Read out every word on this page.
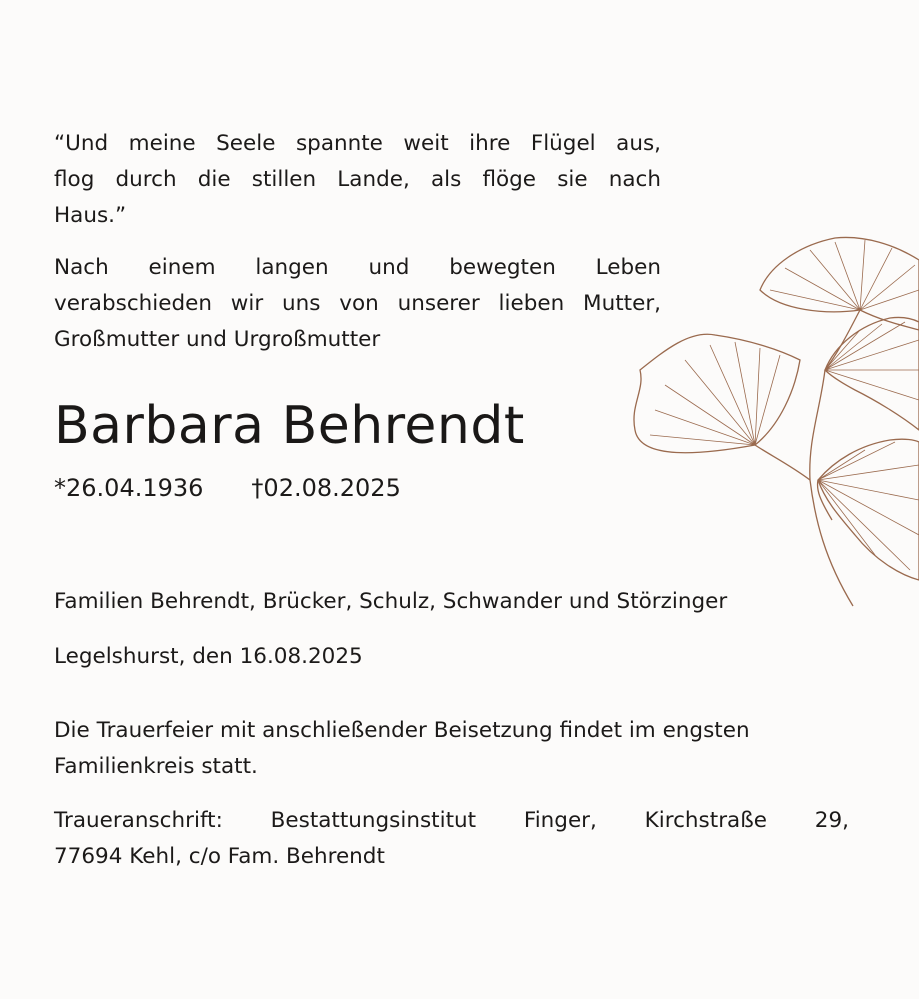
“Und meine Seele spannte weit ihre Flügel aus,
flog durch die stillen Lande, als flöge sie nach
Haus.”
Nach einem langen und bewegten Leben
verabschieden wir uns von unserer lieben Mutter,
Großmutter und Urgroßmutter
Barbara Behrendt
*26.04.1936 †02.08.2025
Familien Behrendt, Brücker, Schulz, Schwander und Störzinger
Legelshurst, den 16.08.2025
Die Trauerfeier mit anschließender Beisetzung findet im engsten
Familienkreis statt.
Traueranschrift: Bestattungsinstitut Finger, Kirchstraße 29,
77694 Kehl, c/o Fam. Behrendt
